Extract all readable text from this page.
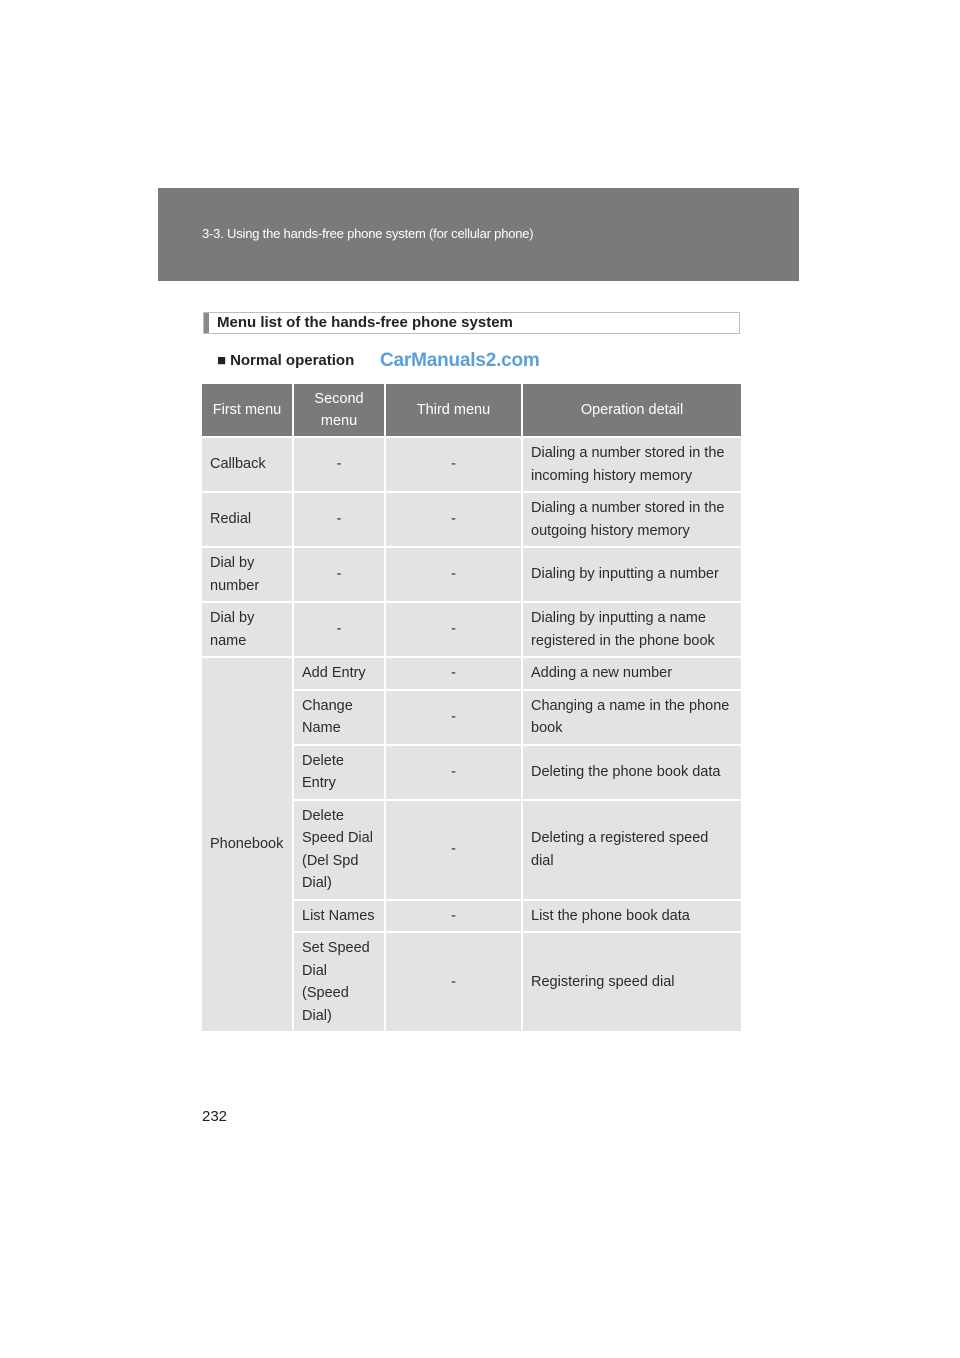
3-3. Using the hands-free phone system (for cellular phone)
Menu list of the hands-free phone system
■ Normal operation CarManuals2.com
First menu	Second menu	Third menu	Operation detail
Callback	-	-	Dialing a number stored in the incoming history memory
Redial	-	-	Dialing a number stored in the outgoing history memory
Dial by number	-	-	Dialing by inputting a number
Dial by name	-	-	Dialing by inputting a name registered in the phone book
Phonebook	Add Entry	-	Adding a new number
	Change Name	-	Changing a name in the phone book
	Delete Entry	-	Deleting the phone book data
	Delete Speed Dial (Del Spd Dial)	-	Deleting a registered speed dial
	List Names	-	List the phone book data
	Set Speed Dial (Speed Dial)	-	Registering speed dial
232
